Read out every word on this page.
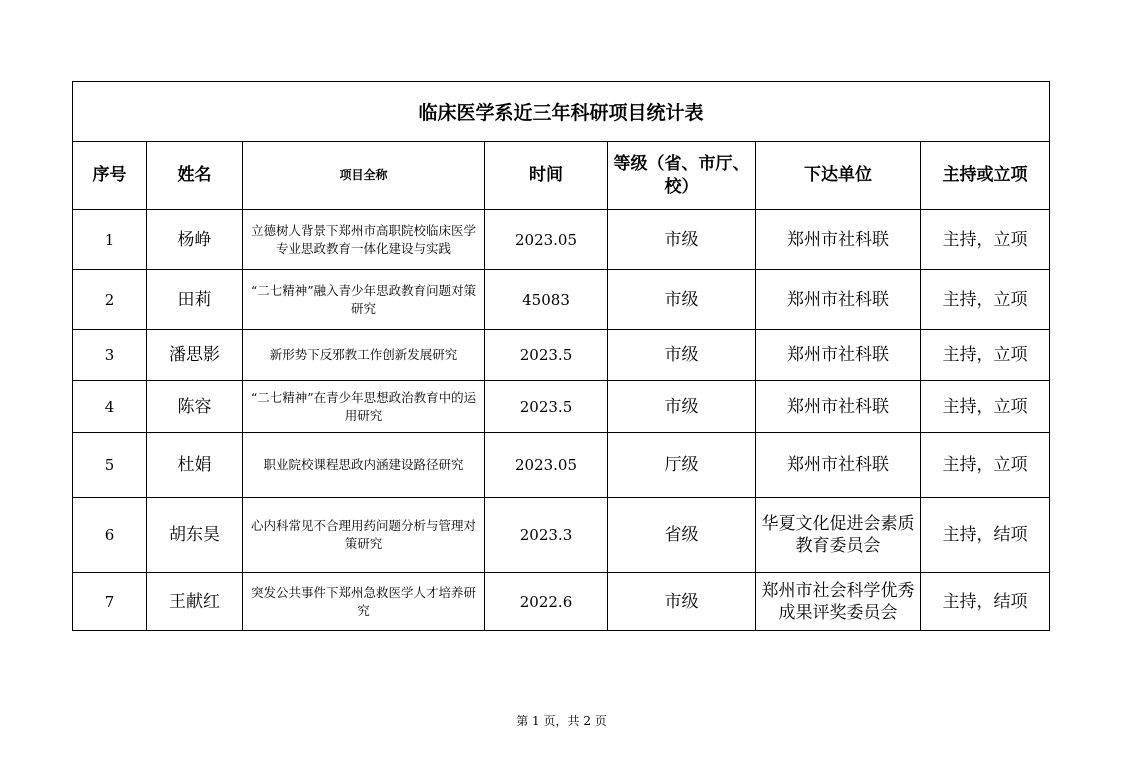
临床医学系近三年科研项目统计表						
序号	姓名	项目全称	时间	等级（省、市厅、校）	下达单位	主持或立项
1	杨峥	立德树人背景下郑州市高职院校临床医学专业思政教育一体化建设与实践	2023.05	市级	郑州市社科联	主持，立项
2	田莉	“二七精神”融入青少年思政教育问题对策研究	45083	市级	郑州市社科联	主持，立项
3	潘思影	新形势下反邪教工作创新发展研究	2023.5	市级	郑州市社科联	主持，立项
4	陈容	“二七精神”在青少年思想政治教育中的运用研究	2023.5	市级	郑州市社科联	主持，立项
5	杜娟	职业院校课程思政内涵建设路径研究	2023.05	厅级	郑州市社科联	主持，立项
6	胡东昊	心内科常见不合理用药问题分析与管理对策研究	2023.3	省级	华夏文化促进会素质教育委员会	主持，结项
7	王献红	突发公共事件下郑州急救医学人才培养研究	2022.6	市级	郑州市社会科学优秀成果评奖委员会	主持，结项
第 1 页，共 2 页
